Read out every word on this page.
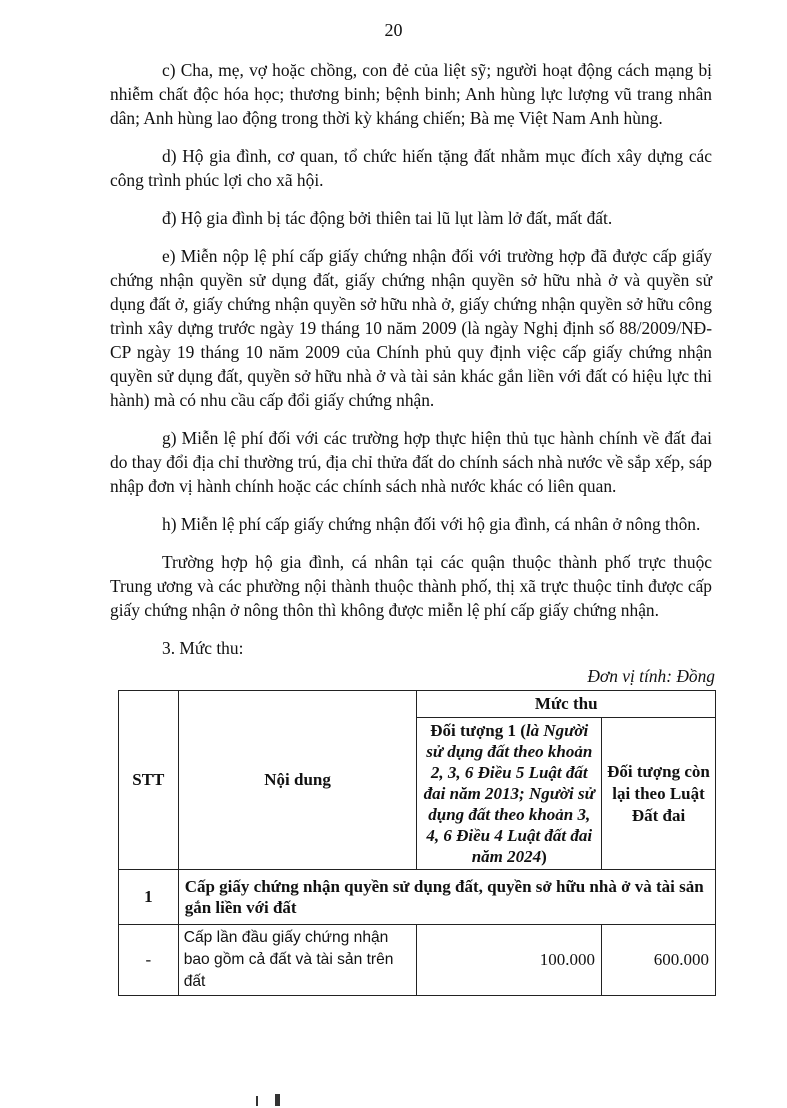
20

c) Cha, mẹ, vợ hoặc chồng, con đẻ của liệt sỹ; người hoạt động cách mạng bị nhiễm chất độc hóa học; thương binh; bệnh binh; Anh hùng lực lượng vũ trang nhân dân; Anh hùng lao động trong thời kỳ kháng chiến; Bà mẹ Việt Nam Anh hùng.

d) Hộ gia đình, cơ quan, tổ chức hiến tặng đất nhằm mục đích xây dựng các công trình phúc lợi cho xã hội.

đ) Hộ gia đình bị tác động bởi thiên tai lũ lụt làm lở đất, mất đất.

e) Miễn nộp lệ phí cấp giấy chứng nhận đối với trường hợp đã được cấp giấy chứng nhận quyền sử dụng đất, giấy chứng nhận quyền sở hữu nhà ở và quyền sử dụng đất ở, giấy chứng nhận quyền sở hữu nhà ở, giấy chứng nhận quyền sở hữu công trình xây dựng trước ngày 19 tháng 10 năm 2009 (là ngày Nghị định số 88/2009/NĐ-CP ngày 19 tháng 10 năm 2009 của Chính phủ quy định việc cấp giấy chứng nhận quyền sử dụng đất, quyền sở hữu nhà ở và tài sản khác gắn liền với đất có hiệu lực thi hành) mà có nhu cầu cấp đổi giấy chứng nhận.

g) Miễn lệ phí đối với các trường hợp thực hiện thủ tục hành chính về đất đai do thay đổi địa chỉ thường trú, địa chỉ thửa đất do chính sách nhà nước về sắp xếp, sáp nhập đơn vị hành chính hoặc các chính sách nhà nước khác có liên quan.

h) Miễn lệ phí cấp giấy chứng nhận đối với hộ gia đình, cá nhân ở nông thôn.

Trường hợp hộ gia đình, cá nhân tại các quận thuộc thành phố trực thuộc Trung ương và các phường nội thành thuộc thành phố, thị xã trực thuộc tỉnh được cấp giấy chứng nhận ở nông thôn thì không được miễn lệ phí cấp giấy chứng nhận.

3. Mức thu:

Đơn vị tính: Đồng
STT	Nội dung	Mức thu	
		Đối tượng 1 (là Người sử dụng đất theo khoản 2, 3, 6 Điều 5 Luật đất đai năm 2013; Người sử dụng đất theo khoản 3, 4, 6 Điều 4 Luật đất đai năm 2024)	Đối tượng còn lại theo Luật Đất đai
1	Cấp giấy chứng nhận quyền sử dụng đất, quyền sở hữu nhà ở và tài sản gắn liền với đất		
-	Cấp lần đầu giấy chứng nhận bao gồm cả đất và tài sản trên đất	100.000	600.000
